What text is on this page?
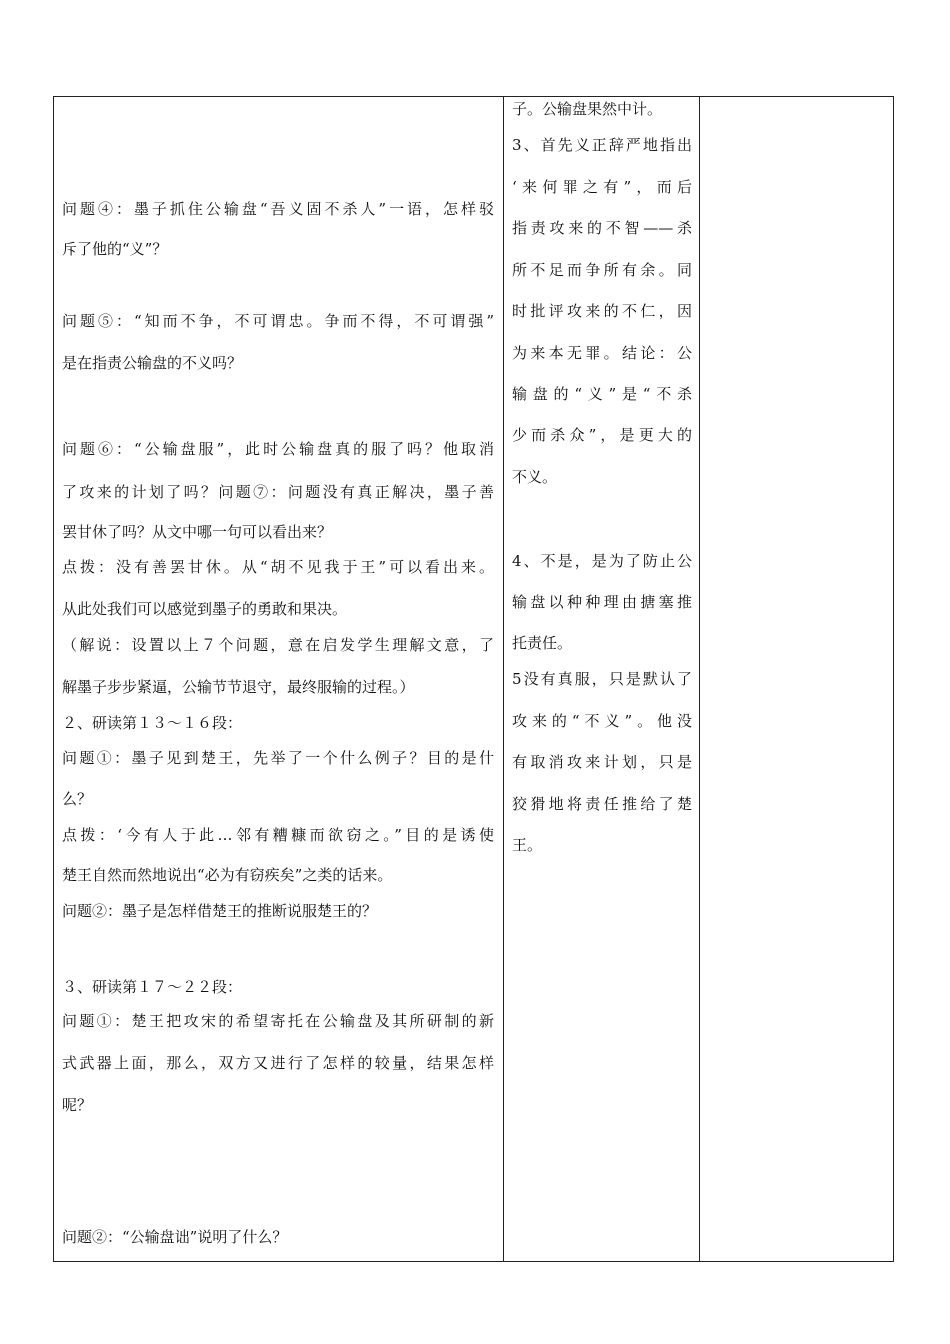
问题④：墨子抓住公输盘“吾义固不杀人”一语，怎样驳
斥了他的“义”？
问题⑤：“知而不争，不可谓忠。争而不得，不可谓强”
是在指责公输盘的不义吗？
问题⑥：“公输盘服”，此时公输盘真的服了吗？他取消
了攻来的计划了吗？问题⑦：问题没有真正解决，墨子善
罢甘休了吗？从文中哪一句可以看出来？
点拨：没有善罢甘休。从“胡不见我于王”可以看出来。
从此处我们可以感觉到墨子的勇敢和果决。
（解说：设置以上７个问题，意在启发学生理解文意，了
解墨子步步紧逼，公输节节退守，最终服输的过程。）
２、研读第１３～１６段：
问题①：墨子见到楚王，先举了一个什么例子？目的是什
么？
点拨：‘今有人于此…邻有糟糠而欲窃之。”目的是诱使
楚王自然而然地说出“必为有窃疾矣”之类的话来。
问题②：墨子是怎样借楚王的推断说服楚王的？
３、研读第１７～２２段：
问题①：楚王把攻宋的希望寄托在公输盘及其所研制的新
式武器上面，那么，双方又进行了怎样的较量，结果怎样
呢？
问题②：“公输盘诎”说明了什么？
子。公输盘果然中计。
3、首先义正辞严地指出
‘来何罪之有”，而后
指责攻来的不智——杀
所不足而争所有余。同
时批评攻来的不仁，因
为来本无罪。结论：公
输盘的“义”是“不杀
少而杀众”，是更大的
不义。
4、不是，是为了防止公
输盘以种种理由搪塞推
托责任。
5没有真服，只是默认了
攻来的“不义”。他没
有取消攻来计划，只是
狡猾地将责任推给了楚
王。
